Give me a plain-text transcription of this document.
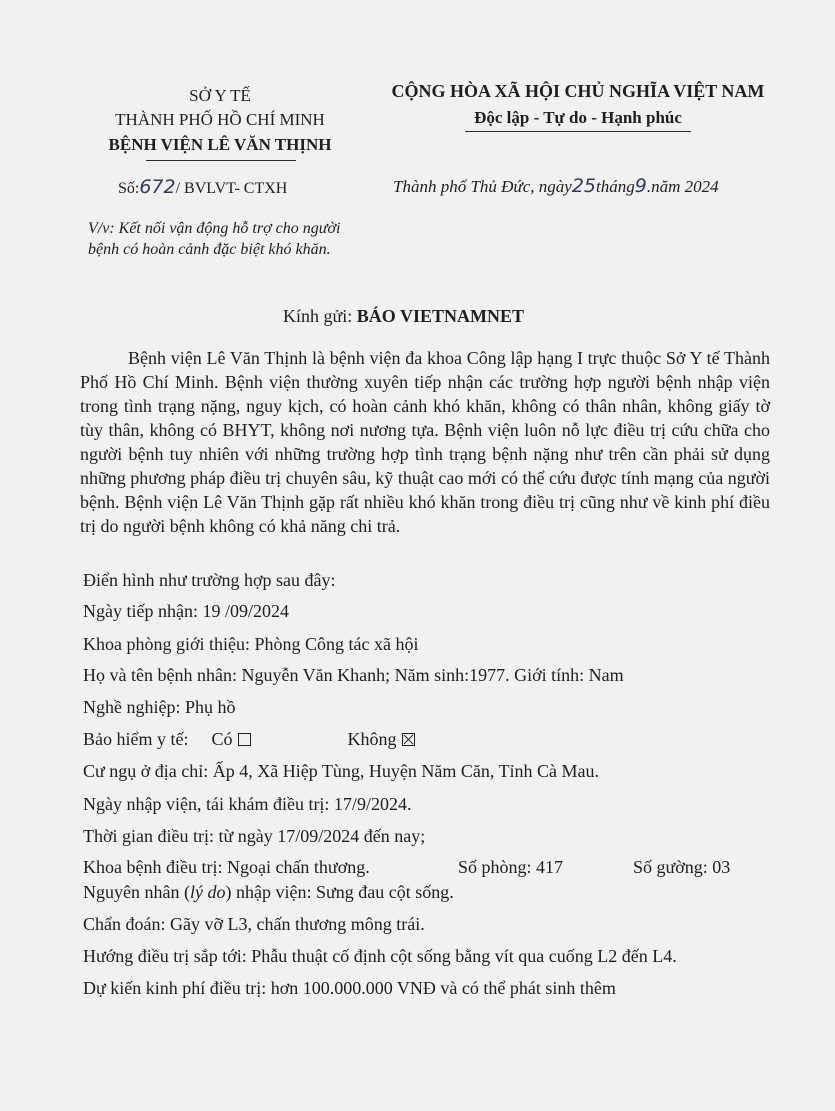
SỞ Y TẾ
THÀNH PHỐ HỒ CHÍ MINH
BỆNH VIỆN LÊ VĂN THỊNH
CỘNG HÒA XÃ HỘI CHỦ NGHĨA VIỆT NAM
Độc lập - Tự do - Hạnh phúc
Số:672/ BVLVT- CTXH	Thành phố Thủ Đức, ngày25tháng9.năm 2024
V/v: Kết nối vận động hỗ trợ cho người
bệnh có hoàn cảnh đặc biệt khó khăn.
Kính gửi: BÁO VIETNAMNET
Bệnh viện Lê Văn Thịnh là bệnh viện đa khoa Công lập hạng I trực thuộc Sở Y tế Thành Phố Hồ Chí Minh. Bệnh viện thường xuyên tiếp nhận các trường hợp người bệnh nhập viện trong tình trạng nặng, nguy kịch, có hoàn cảnh khó khăn, không có thân nhân, không giấy tờ tùy thân, không có BHYT, không nơi nương tựa. Bệnh viện luôn nỗ lực điều trị cứu chữa cho người bệnh tuy nhiên với những trường hợp tình trạng bệnh nặng như trên cần phải sử dụng những phương pháp điều trị chuyên sâu, kỹ thuật cao mới có thể cứu được tính mạng của người bệnh. Bệnh viện Lê Văn Thịnh gặp rất nhiều khó khăn trong điều trị cũng như về kinh phí điều trị do người bệnh không có khả năng chi trả.
Điển hình như trường hợp sau đây:
Ngày tiếp nhận: 19 /09/2024
Khoa phòng giới thiệu: Phòng Công tác xã hội
Họ và tên bệnh nhân: Nguyễn Văn Khanh; Năm sinh:1977. Giới tính: Nam
Nghề nghiệp: Phụ hồ
Bảo hiểm y tế: Có	Không
Cư ngụ ở địa chỉ: Ấp 4, Xã Hiệp Tùng, Huyện Năm Căn, Tỉnh Cà Mau.
Ngày nhập viện, tái khám điều trị: 17/9/2024.
Thời gian điều trị: từ ngày 17/09/2024 đến nay;
Khoa bệnh điều trị: Ngoại chấn thương.	Số phòng: 417	Số gường: 03
Nguyên nhân (lý do) nhập viện: Sưng đau cột sống.
Chẩn đoán: Gãy vỡ L3, chấn thương mông trái.
Hướng điều trị sắp tới: Phẫu thuật cố định cột sống bằng vít qua cuống L2 đến L4.
Dự kiến kinh phí điều trị: hơn 100.000.000 VNĐ và có thể phát sinh thêm
